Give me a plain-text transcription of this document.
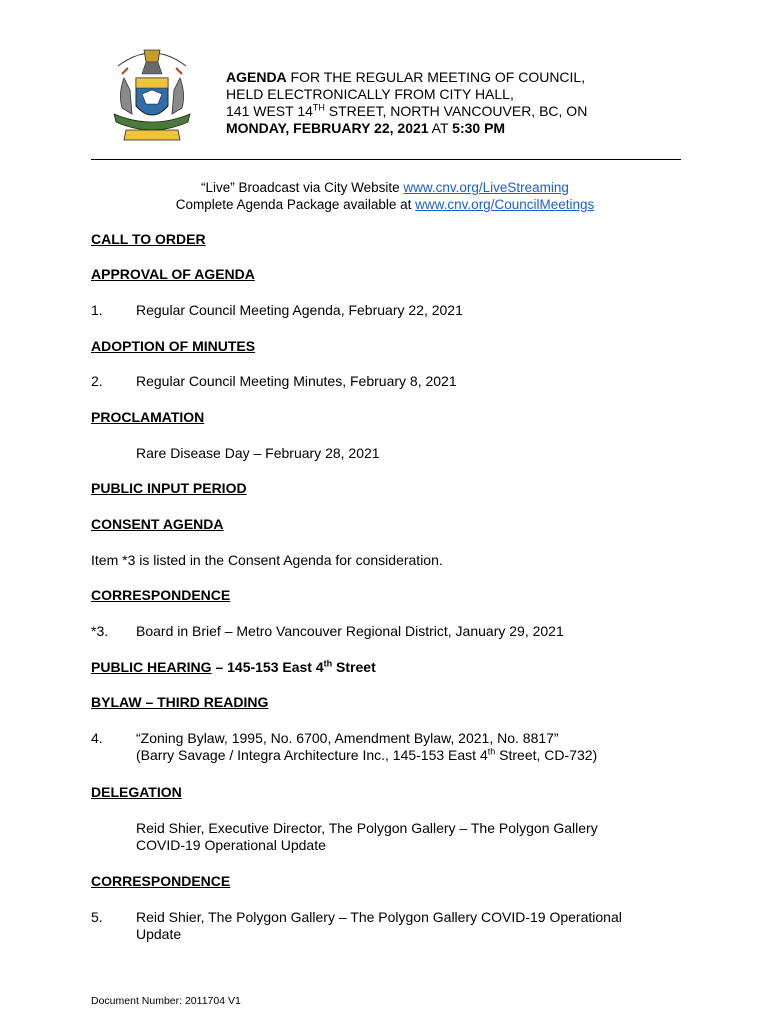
AGENDA FOR THE REGULAR MEETING OF COUNCIL,
HELD ELECTRONICALLY FROM CITY HALL,
141 WEST 14TH STREET, NORTH VANCOUVER, BC, ON
MONDAY, FEBRUARY 22, 2021 AT 5:30 PM
“Live” Broadcast via City Website www.cnv.org/LiveStreaming
Complete Agenda Package available at www.cnv.org/CouncilMeetings
CALL TO ORDER
APPROVAL OF AGENDA
1. Regular Council Meeting Agenda, February 22, 2021
ADOPTION OF MINUTES
2. Regular Council Meeting Minutes, February 8, 2021
PROCLAMATION
Rare Disease Day – February 28, 2021
PUBLIC INPUT PERIOD
CONSENT AGENDA
Item *3 is listed in the Consent Agenda for consideration.
CORRESPONDENCE
*3. Board in Brief – Metro Vancouver Regional District, January 29, 2021
PUBLIC HEARING – 145-153 East 4th Street
BYLAW – THIRD READING
4. “Zoning Bylaw, 1995, No. 6700, Amendment Bylaw, 2021, No. 8817”
(Barry Savage / Integra Architecture Inc., 145-153 East 4th Street, CD-732)
DELEGATION
Reid Shier, Executive Director, The Polygon Gallery – The Polygon Gallery
COVID-19 Operational Update
CORRESPONDENCE
5. Reid Shier, The Polygon Gallery – The Polygon Gallery COVID-19 Operational
Update
Document Number: 2011704 V1
